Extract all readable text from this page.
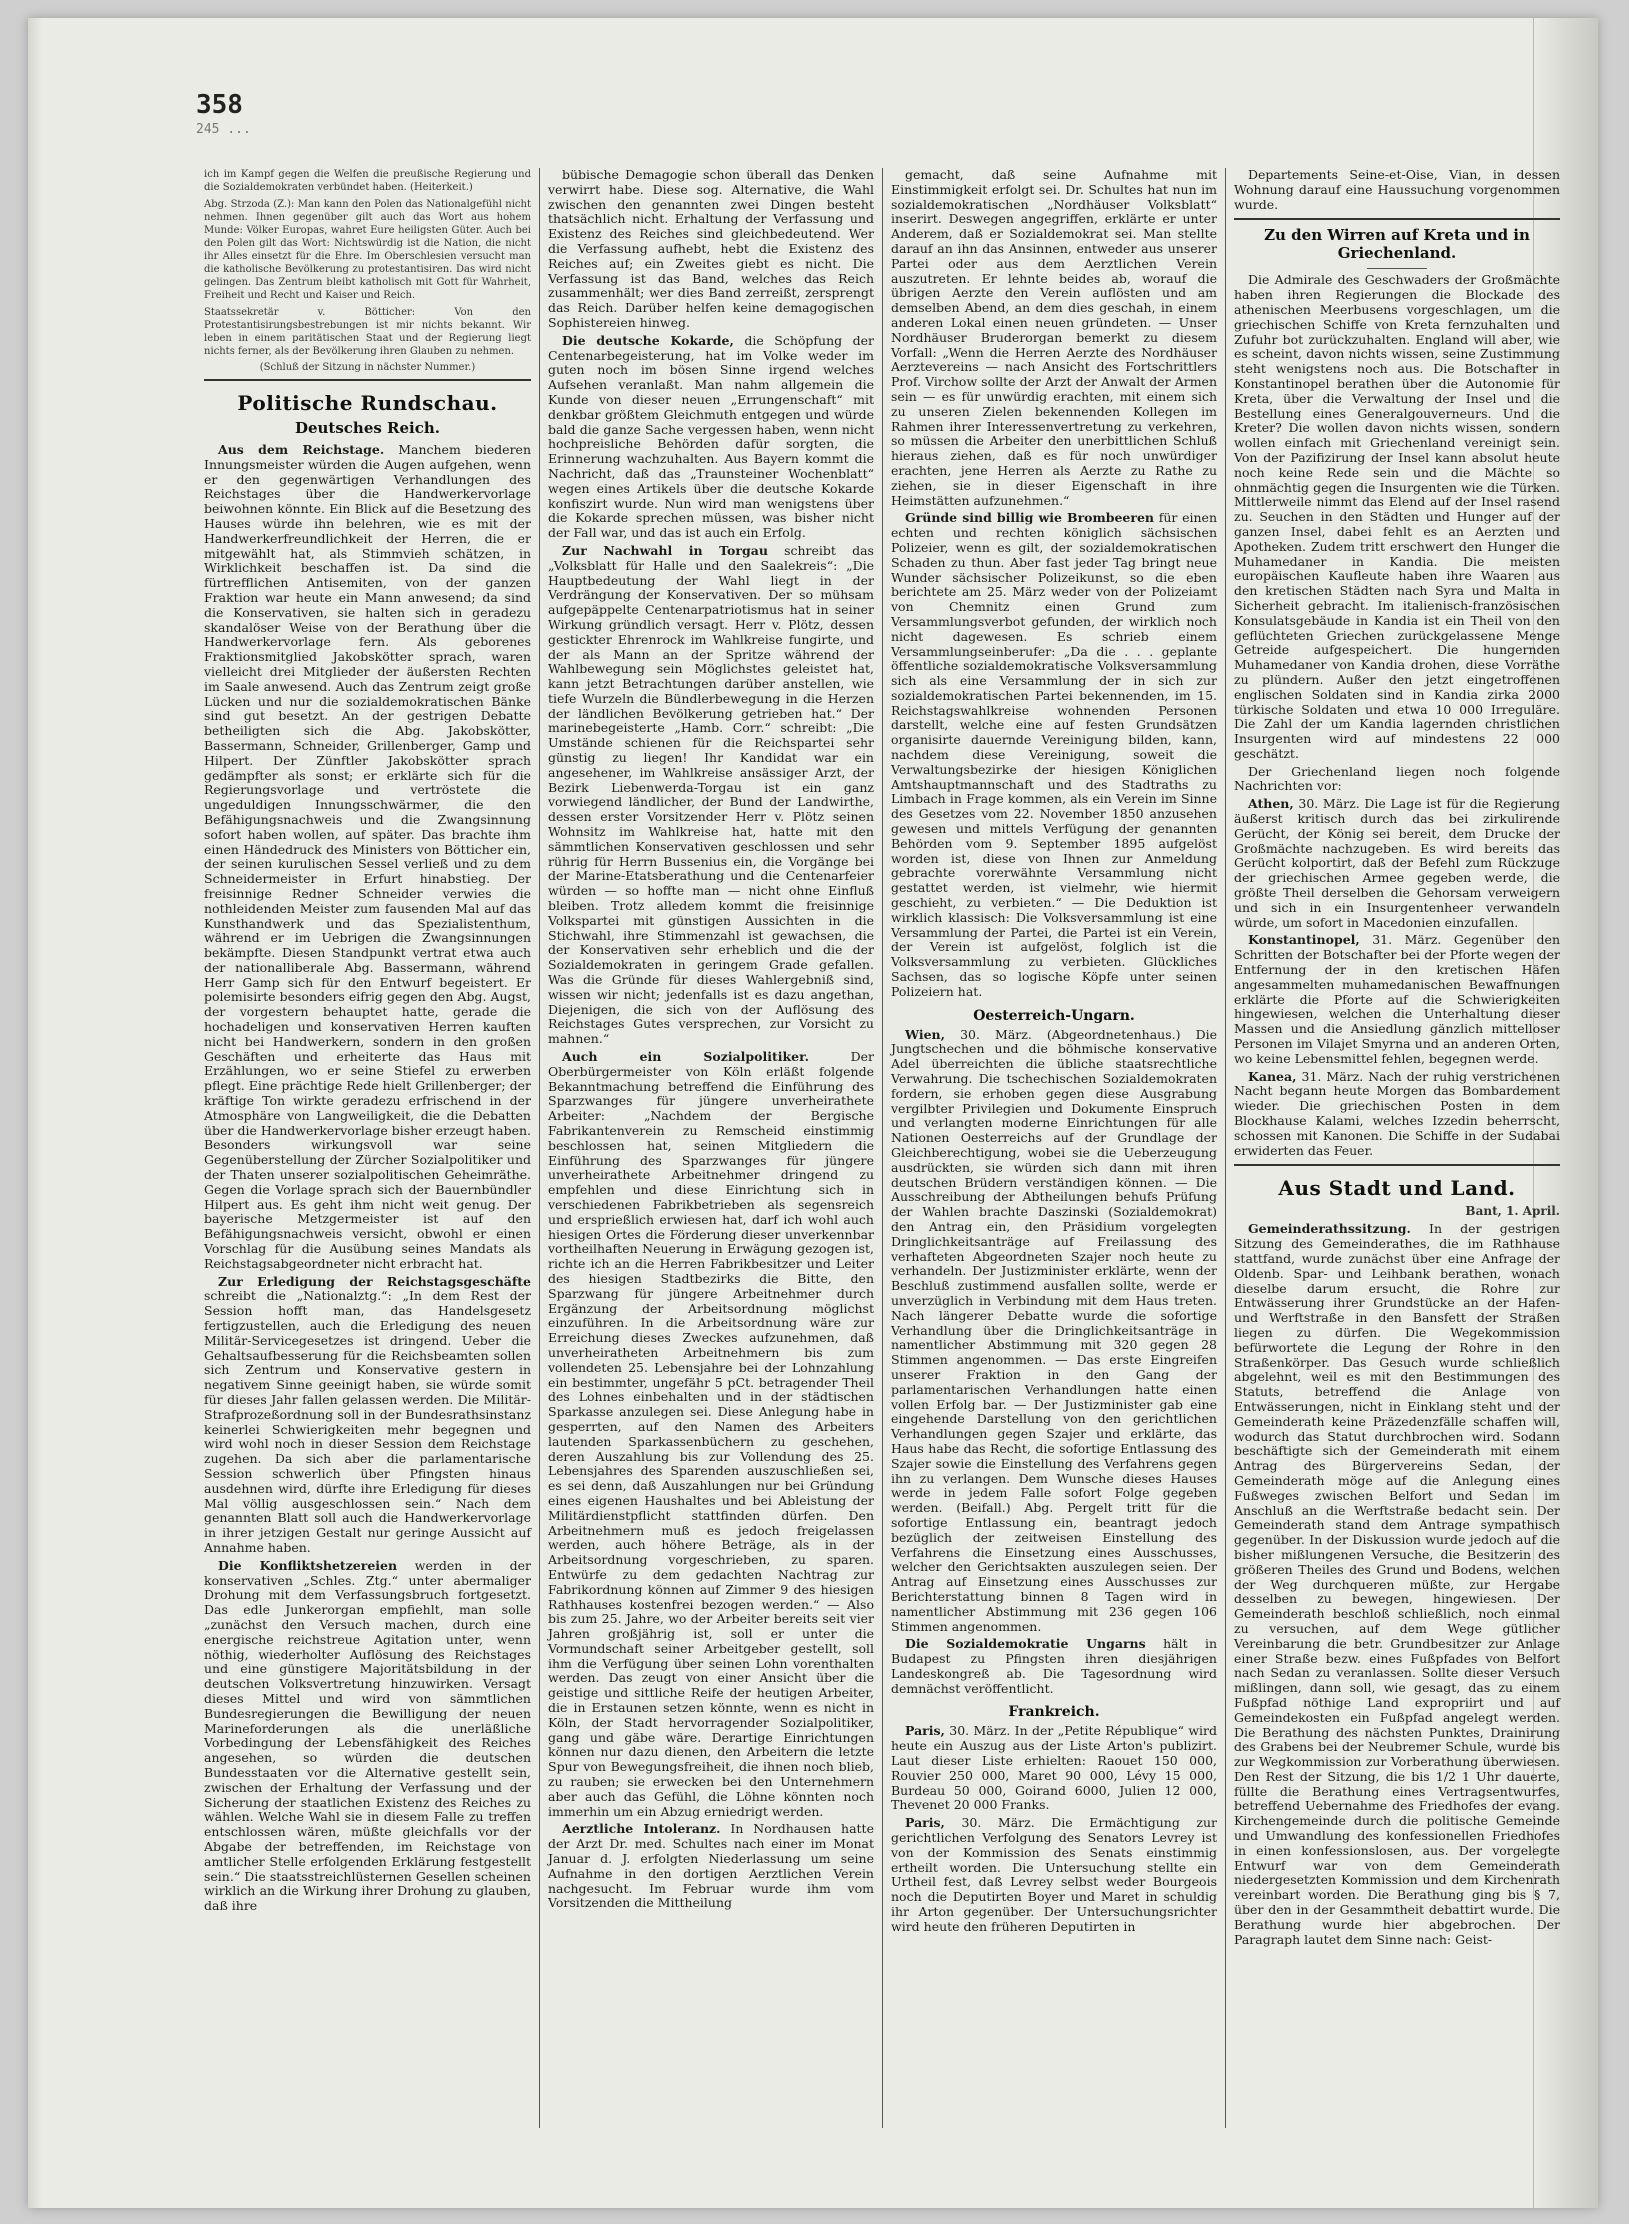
358
245 ...

ich im Kampf gegen die Welfen die preußische Regierung und die Sozialdemokraten verbündet haben. (Heiterkeit.)

Abg. Strzoda (Z.): Man kann den Polen das Nationalgefühl nicht nehmen. Ihnen gegenüber gilt auch das Wort aus hohem Munde: Völker Europas, wahret Eure heiligsten Güter. Auch bei den Polen gilt das Wort: Nichtswürdig ist die Nation, die nicht ihr Alles einsetzt für die Ehre. Im Oberschlesien versucht man die katholische Bevölkerung zu protestantisiren. Das wird nicht gelingen. Das Zentrum bleibt katholisch mit Gott für Wahrheit, Freiheit und Recht und Kaiser und Reich.

Staatssekretär v. Bötticher: Von den Protestantisirungsbestrebungen ist mir nichts bekannt. Wir leben in einem paritätischen Staat und der Regierung liegt nichts ferner, als der Bevölkerung ihren Glauben zu nehmen.

(Schluß der Sitzung in nächster Nummer.)
Politische Rundschau.
Deutsches Reich.

Aus dem Reichstage. Manchem biederen Innungsmeister würden die Augen aufgehen, wenn er den gegenwärtigen Verhandlungen des Reichstages über die Handwerkervorlage beiwohnen könnte. Ein Blick auf die Besetzung des Hauses würde ihn belehren, wie es mit der Handwerkerfreundlichkeit der Herren, die er mitgewählt hat, als Stimmvieh schätzen, in Wirklichkeit beschaffen ist. Da sind die fürtrefflichen Antisemiten, von der ganzen Fraktion war heute ein Mann anwesend; da sind die Konservativen, sie halten sich in geradezu skandalöser Weise von der Berathung über die Handwerkervorlage fern. Als geborenes Fraktionsmitglied Jakobskötter sprach, waren vielleicht drei Mitglieder der äußersten Rechten im Saale anwesend. Auch das Zentrum zeigt große Lücken und nur die sozialdemokratischen Bänke sind gut besetzt. An der gestrigen Debatte betheiligten sich die Abg. Jakobskötter, Bassermann, Schneider, Grillenberger, Gamp und Hilpert. Der Zünftler Jakobskötter sprach gedämpfter als sonst; er erklärte sich für die Regierungsvorlage und vertröstete die ungeduldigen Innungsschwärmer, die den Befähigungsnachweis und die Zwangsinnung sofort haben wollen, auf später. Das brachte ihm einen Händedruck des Ministers von Bötticher ein, der seinen kurulischen Sessel verließ und zu dem Schneidermeister in Erfurt hinabstieg. Der freisinnige Redner Schneider verwies die nothleidenden Meister zum fausenden Mal auf das Kunsthandwerk und das Spezialistenthum, während er im Uebrigen die Zwangsinnungen bekämpfte. Diesen Standpunkt vertrat etwa auch der nationalliberale Abg. Bassermann, während Herr Gamp sich für den Entwurf begeistert. Er polemisirte besonders eifrig gegen den Abg. Augst, der vorgestern behauptet hatte, gerade die hochadeligen und konservativen Herren kauften nicht bei Handwerkern, sondern in den großen Geschäften und erheiterte das Haus mit Erzählungen, wo er seine Stiefel zu erwerben pflegt. Eine prächtige Rede hielt Grillenberger; der kräftige Ton wirkte geradezu erfrischend in der Atmosphäre von Langweiligkeit, die die Debatten über die Handwerkervorlage bisher erzeugt haben. Besonders wirkungsvoll war seine Gegenüberstellung der Zürcher Sozialpolitiker und der Thaten unserer sozialpolitischen Geheimräthe. Gegen die Vorlage sprach sich der Bauernbündler Hilpert aus. Es geht ihm nicht weit genug. Der bayerische Metzgermeister ist auf den Befähigungsnachweis versicht, obwohl er einen Vorschlag für die Ausübung seines Mandats als Reichstagsabgeordneter nicht erbracht hat.

Zur Erledigung der Reichstagsgeschäfte schreibt die „Nationalztg.“: „In dem Rest der Session hofft man, das Handelsgesetz fertigzustellen, auch die Erledigung des neuen Militär-Servicegesetzes ist dringend. Ueber die Gehaltsaufbesserung für die Reichsbeamten sollen sich Zentrum und Konservative gestern in negativem Sinne geeinigt haben, sie würde somit für dieses Jahr fallen gelassen werden. Die Militär-Strafprozeßordnung soll in der Bundesrathsinstanz keinerlei Schwierigkeiten mehr begegnen und wird wohl noch in dieser Session dem Reichstage zugehen. Da sich aber die parlamentarische Session schwerlich über Pfingsten hinaus ausdehnen wird, dürfte ihre Erledigung für dieses Mal völlig ausgeschlossen sein.“ Nach dem genannten Blatt soll auch die Handwerkervorlage in ihrer jetzigen Gestalt nur geringe Aussicht auf Annahme haben.

Die Konfliktshetzereien werden in der konservativen „Schles. Ztg.“ unter abermaliger Drohung mit dem Verfassungsbruch fortgesetzt. Das edle Junkerorgan empfiehlt, man solle „zunächst den Versuch machen, durch eine energische reichstreue Agitation unter, wenn nöthig, wiederholter Auflösung des Reichstages und eine günstigere Majoritätsbildung in der deutschen Volksvertretung hinzuwirken. Versagt dieses Mittel und wird von sämmtlichen Bundesregierungen die Bewilligung der neuen Marineforderungen als die unerläßliche Vorbedingung der Lebensfähigkeit des Reiches angesehen, so würden die deutschen Bundesstaaten vor die Alternative gestellt sein, zwischen der Erhaltung der Verfassung und der Sicherung der staatlichen Existenz des Reiches zu wählen. Welche Wahl sie in diesem Falle zu treffen entschlossen wären, müßte gleichfalls vor der Abgabe der betreffenden, im Reichstage von amtlicher Stelle erfolgenden Erklärung festgestellt sein.“ Die staatsstreichlüsternen Gesellen scheinen wirklich an die Wirkung ihrer Drohung zu glauben, daß ihre

bübische Demagogie schon überall das Denken verwirrt habe. Diese sog. Alternative, die Wahl zwischen den genannten zwei Dingen besteht thatsächlich nicht. Erhaltung der Verfassung und Existenz des Reiches sind gleichbedeutend. Wer die Verfassung aufhebt, hebt die Existenz des Reiches auf; ein Zweites giebt es nicht. Die Verfassung ist das Band, welches das Reich zusammenhält; wer dies Band zerreißt, zersprengt das Reich. Darüber helfen keine demagogischen Sophistereien hinweg.

Die deutsche Kokarde, die Schöpfung der Centenarbegeisterung, hat im Volke weder im guten noch im bösen Sinne irgend welches Aufsehen veranlaßt. Man nahm allgemein die Kunde von dieser neuen „Errungenschaft“ mit denkbar größtem Gleichmuth entgegen und würde bald die ganze Sache vergessen haben, wenn nicht hochpreisliche Behörden dafür sorgten, die Erinnerung wachzuhalten. Aus Bayern kommt die Nachricht, daß das „Traunsteiner Wochenblatt“ wegen eines Artikels über die deutsche Kokarde konfiszirt wurde. Nun wird man wenigstens über die Kokarde sprechen müssen, was bisher nicht der Fall war, und das ist auch ein Erfolg.

Zur Nachwahl in Torgau schreibt das „Volksblatt für Halle und den Saalekreis“: „Die Hauptbedeutung der Wahl liegt in der Verdrängung der Konservativen. Der so mühsam aufgepäppelte Centenarpatriotismus hat in seiner Wirkung gründlich versagt. Herr v. Plötz, dessen gestickter Ehrenrock im Wahlkreise fungirte, und der als Mann an der Spritze während der Wahlbewegung sein Möglichstes geleistet hat, kann jetzt Betrachtungen darüber anstellen, wie tiefe Wurzeln die Bündlerbewegung in die Herzen der ländlichen Bevölkerung getrieben hat.“ Der marinebegeisterte „Hamb. Corr.“ schreibt: „Die Umstände schienen für die Reichspartei sehr günstig zu liegen! Ihr Kandidat war ein angesehener, im Wahlkreise ansässiger Arzt, der Bezirk Liebenwerda-Torgau ist ein ganz vorwiegend ländlicher, der Bund der Landwirthe, dessen erster Vorsitzender Herr v. Plötz seinen Wohnsitz im Wahlkreise hat, hatte mit den sämmtlichen Konservativen geschlossen und sehr rührig für Herrn Bussenius ein, die Vorgänge bei der Marine-Etatsberathung und die Centenarfeier würden — so hoffte man — nicht ohne Einfluß bleiben. Trotz alledem kommt die freisinnige Volkspartei mit günstigen Aussichten in die Stichwahl, ihre Stimmenzahl ist gewachsen, die der Konservativen sehr erheblich und die der Sozialdemokraten in geringem Grade gefallen. Was die Gründe für dieses Wahlergebniß sind, wissen wir nicht; jedenfalls ist es dazu angethan, Diejenigen, die sich von der Auflösung des Reichstages Gutes versprechen, zur Vorsicht zu mahnen.“

Auch ein Sozialpolitiker.	Der Oberbürgermeister von Köln erläßt folgende Bekanntmachung betreffend die Einführung des Sparzwanges für jüngere unverheirathete Arbeiter: „Nachdem der Bergische Fabrikantenverein zu Remscheid einstimmig beschlossen hat, seinen Mitgliedern die Einführung des Sparzwanges für jüngere unverheirathete Arbeitnehmer dringend zu empfehlen und diese Einrichtung sich in verschiedenen Fabrikbetrieben als segensreich und ersprießlich erwiesen hat, darf ich wohl auch hiesigen Ortes die Förderung dieser unverkennbar vortheilhaften Neuerung in Erwägung gezogen ist, richte ich an die Herren Fabrikbesitzer und Leiter des hiesigen Stadtbezirks die Bitte, den Sparzwang für jüngere Arbeitnehmer durch Ergänzung der Arbeitsordnung möglichst einzuführen. In die Arbeitsordnung wäre zur Erreichung dieses Zweckes aufzunehmen, daß unverheiratheten Arbeitnehmern bis zum vollendeten 25. Lebensjahre bei der Lohnzahlung ein bestimmter, ungefähr 5 pCt. betragender Theil des Lohnes einbehalten und in der städtischen Sparkasse anzulegen sei. Diese Anlegung habe in gesperrten, auf den Namen des Arbeiters lautenden Sparkassenbüchern zu geschehen, deren Auszahlung bis zur Vollendung des 25. Lebensjahres des Sparenden auszuschließen sei, es sei denn, daß Auszahlungen nur bei Gründung eines eigenen Haushaltes und bei Ableistung der Militärdienstpflicht stattfinden dürfen. Den Arbeitnehmern muß es jedoch freigelassen werden, auch höhere Beträge, als in der Arbeitsordnung vorgeschrieben, zu sparen. Entwürfe zu dem gedachten Nachtrag zur Fabrikordnung können auf Zimmer 9 des hiesigen Rathhauses kostenfrei bezogen werden.“ — Also bis zum 25. Jahre, wo der Arbeiter bereits seit vier Jahren großjährig ist, soll er unter die Vormundschaft seiner Arbeitgeber gestellt, soll ihm die Verfügung über seinen Lohn vorenthalten werden. Das zeugt von einer Ansicht über die geistige und sittliche Reife der heutigen Arbeiter, die in Erstaunen setzen könnte, wenn es nicht in Köln, der Stadt hervorragender Sozialpolitiker, gang und gäbe wäre. Derartige Einrichtungen können nur dazu dienen, den Arbeitern die letzte Spur von Bewegungsfreiheit, die ihnen noch blieb, zu rauben; sie erwecken bei den Unternehmern aber auch das Gefühl, die Löhne könnten noch immerhin um ein Abzug erniedrigt werden.

Aerztliche Intoleranz. In Nordhausen hatte der Arzt Dr. med. Schultes nach einer im Monat Januar d. J. erfolgten Niederlassung um seine Aufnahme in den dortigen Aerztlichen Verein nachgesucht. Im Februar wurde ihm vom Vorsitzenden die Mittheilung

gemacht, daß seine Aufnahme mit Einstimmigkeit erfolgt sei. Dr. Schultes hat nun im sozialdemokratischen „Nordhäuser Volksblatt“ inserirt. Deswegen angegriffen, erklärte er unter Anderem, daß er Sozialdemokrat sei. Man stellte darauf an ihn das Ansinnen, entweder aus unserer Partei oder aus dem Aerztlichen Verein auszutreten. Er lehnte beides ab, worauf die übrigen Aerzte den Verein auflösten und am demselben Abend, an dem dies geschah, in einem anderen Lokal einen neuen gründeten. — Unser Nordhäuser Bruderorgan bemerkt zu diesem Vorfall: „Wenn die Herren Aerzte des Nordhäuser Aerztevereins — nach Ansicht des Fortschrittlers Prof. Virchow sollte der Arzt der Anwalt der Armen sein — es für unwürdig erachten, mit einem sich zu unseren Zielen bekennenden Kollegen im Rahmen ihrer Interessenvertretung zu verkehren, so müssen die Arbeiter den unerbittlichen Schluß hieraus ziehen, daß es für noch unwürdiger erachten, jene Herren als Aerzte zu Rathe zu ziehen, sie in dieser Eigenschaft in ihre Heimstätten aufzunehmen.“

Gründe sind billig wie Brombeeren für einen echten und rechten königlich sächsischen Polizeier, wenn es gilt, der sozialdemokratischen Schaden zu thun. Aber fast jeder Tag bringt neue Wunder sächsischer Polizeikunst, so die eben berichtete am 25. März weder von der Polizeiamt von Chemnitz einen Grund zum Versammlungsverbot gefunden, der wirklich noch nicht dagewesen. Es schrieb einem Versammlungseinberufer: „Da die . . . geplante öffentliche sozialdemokratische Volksversammlung sich als eine Versammlung der in sich zur sozialdemokratischen Partei bekennenden, im 15. Reichstagswahlkreise wohnenden Personen darstellt, welche eine auf festen Grundsätzen organisirte dauernde Vereinigung bilden, kann, nachdem diese Vereinigung, soweit die Verwaltungsbezirke der hiesigen Königlichen Amtshauptmannschaft und des Stadtraths zu Limbach in Frage kommen, als ein Verein im Sinne des Gesetzes vom 22. November 1850 anzusehen gewesen und mittels Verfügung der genannten Behörden vom 9. September 1895 aufgelöst worden ist, diese von Ihnen zur Anmeldung gebrachte vorerwähnte Versammlung nicht gestattet werden, ist vielmehr, wie hiermit geschieht, zu verbieten.“ — Die Deduktion ist wirklich klassisch: Die Volksversammlung ist eine Versammlung der Partei, die Partei ist ein Verein, der Verein ist aufgelöst, folglich ist die Volksversammlung zu verbieten. Glückliches Sachsen, das so logische Köpfe unter seinen Polizeiern hat.

Oesterreich-Ungarn.

Wien, 30. März. (Abgeordnetenhaus.) Die Jungtschechen und die böhmische konservative Adel überreichten die übliche staatsrechtliche Verwahrung. Die tschechischen Sozialdemokraten fordern, sie erhoben gegen diese Ausgrabung vergilbter Privilegien und Dokumente Einspruch und verlangten moderne Einrichtungen für alle Nationen Oesterreichs auf der Grundlage der Gleichberechtigung, wobei sie die Ueberzeugung ausdrückten, sie würden sich dann mit ihren deutschen Brüdern verständigen können. — Die Ausschreibung der Abtheilungen behufs Prüfung der Wahlen brachte Daszinski (Sozialdemokrat) den Antrag ein, den Präsidium vorgelegten Dringlichkeitsanträge auf Freilassung des verhafteten Abgeordneten Szajer noch heute zu verhandeln. Der Justizminister erklärte, wenn der Beschluß zustimmend ausfallen sollte, werde er unverzüglich in Verbindung mit dem Haus treten. Nach längerer Debatte wurde die sofortige Verhandlung über die Dringlichkeitsanträge in namentlicher Abstimmung mit 320 gegen 28 Stimmen angenommen. — Das erste Eingreifen unserer Fraktion in den Gang der parlamentarischen Verhandlungen hatte einen vollen Erfolg bar. — Der Justizminister gab eine eingehende Darstellung von den gerichtlichen Verhandlungen gegen Szajer und erklärte, das Haus habe das Recht, die sofortige Entlassung des Szajer sowie die Einstellung des Verfahrens gegen ihn zu verlangen. Dem Wunsche dieses Hauses werde in jedem Falle sofort Folge gegeben werden. (Beifall.) Abg. Pergelt tritt für die sofortige Entlassung ein, beantragt jedoch bezüglich der zeitweisen Einstellung des Verfahrens die Einsetzung eines Ausschusses, welcher den Gerichtsakten auszulegen seien. Der Antrag auf Einsetzung eines Ausschusses zur Berichterstattung binnen 8 Tagen wird in namentlicher Abstimmung mit 236 gegen 106 Stimmen angenommen.

Die Sozialdemokratie Ungarns hält in Budapest zu Pfingsten ihren diesjährigen Landeskongreß ab. Die Tagesordnung wird demnächst veröffentlicht.

Frankreich.

Paris, 30. März. In der „Petite République“ wird heute ein Auszug aus der Liste Arton's publizirt. Laut dieser Liste erhielten: Raouet 150 000, Rouvier 250 000, Maret 90 000, Lévy 15 000, Burdeau 50 000, Goirand 6000, Julien 12 000, Thevenet 20 000 Franks.

Paris, 30. März. Die Ermächtigung zur gerichtlichen Verfolgung des Senators Levrey ist von der Kommission des Senats einstimmig ertheilt worden. Die Untersuchung stellte ein Urtheil fest, daß Levrey selbst weder Bourgeois noch die Deputirten Boyer und Maret in schuldig ihr Arton gegenüber. Der Untersuchungsrichter wird heute den früheren Deputirten in

Departements Seine-et-Oise, Vian, in dessen Wohnung darauf eine Haussuchung vorgenommen wurde.

Zu den Wirren auf Kreta und in Griechenland.

Die Admirale des Geschwaders der Großmächte haben ihren Regierungen die Blockade des athenischen Meerbusens vorgeschlagen, um die griechischen Schiffe von Kreta fernzuhalten und Zufuhr bot zurückzuhalten. England will aber, wie es scheint, davon nichts wissen, seine Zustimmung steht wenigstens noch aus. Die Botschafter in Konstantinopel berathen über die Autonomie für Kreta, über die Verwaltung der Insel und die Bestellung eines Generalgouverneurs. Und die Kreter? Die wollen davon nichts wissen, sondern wollen einfach mit Griechenland vereinigt sein. Von der Pazifizirung der Insel kann absolut heute noch keine Rede sein und die Mächte so ohnmächtig gegen die Insurgenten wie die Türken. Mittlerweile nimmt das Elend auf der Insel rasend zu. Seuchen in den Städten und Hunger auf der ganzen Insel, dabei fehlt es an Aerzten und Apotheken. Zudem tritt erschwert den Hunger die Muhamedaner in Kandia. Die meisten europäischen Kaufleute haben ihre Waaren aus den kretischen Städten nach Syra und Malta in Sicherheit gebracht. Im italienisch-französischen Konsulatsgebäude in Kandia ist ein Theil von den geflüchteten Griechen zurückgelassene Menge Getreide aufgespeichert. Die hungernden Muhamedaner von Kandia drohen, diese Vorräthe zu plündern. Außer den jetzt eingetroffenen englischen Soldaten sind in Kandia zirka 2000 türkische Soldaten und etwa 10 000 Irreguläre. Die Zahl der um Kandia lagernden christlichen Insurgenten wird auf mindestens 22 000 geschätzt.

Der Griechenland liegen noch folgende Nachrichten vor:

Athen, 30. März. Die Lage ist für die Regierung äußerst kritisch durch das bei zirkulirende Gerücht, der König sei bereit, dem Drucke der Großmächte nachzugeben. Es wird bereits das Gerücht kolportirt, daß der Befehl zum Rückzuge der griechischen Armee gegeben werde, die größte Theil derselben die Gehorsam verweigern und sich in ein Insurgentenheer verwandeln würde, um sofort in Macedonien einzufallen.

Konstantinopel, 31. März. Gegenüber den Schritten der Botschafter bei der Pforte wegen der Entfernung der in den kretischen Häfen angesammelten muhamedanischen Bewaffnungen erklärte die Pforte auf die Schwierigkeiten hingewiesen, welchen die Unterhaltung dieser Massen und die Ansiedlung gänzlich mittelloser Personen im Vilajet Smyrna und an anderen Orten, wo keine Lebensmittel fehlen, begegnen werde.

Kanea, 31. März. Nach der ruhig verstrichenen Nacht begann heute Morgen das Bombardement wieder. Die griechischen Posten in dem Blockhause Kalami, welches Izzedin beherrscht, schossen mit Kanonen. Die Schiffe in der Sudabai erwiderten das Feuer.

Aus Stadt und Land.
Bant, 1. April.

Gemeinderathssitzung. In der gestrigen Sitzung des Gemeinderathes, die im Rathhause stattfand, wurde zunächst über eine Anfrage der Oldenb. Spar- und Leihbank berathen, wonach dieselbe darum ersucht, die Rohre zur Entwässerung ihrer Grundstücke an der Hafen- und Werftstraße in den Bansfett der Straßen liegen zu dürfen. Die Wegekommission befürwortete die Legung der Rohre in den Straßenkörper. Das Gesuch wurde schließlich abgelehnt, weil es mit den Bestimmungen des Statuts, betreffend die Anlage von Entwässerungen, nicht in Einklang steht und der Gemeinderath keine Präzedenzfälle schaffen will, wodurch das Statut durchbrochen wird. Sodann beschäftigte sich der Gemeinderath mit einem Antrag des Bürgervereins Sedan, der Gemeinderath möge auf die Anlegung eines Fußweges zwischen Belfort und Sedan im Anschluß an die Werftstraße bedacht sein. Der Gemeinderath stand dem Antrage sympathisch gegenüber. In der Diskussion wurde jedoch auf die bisher mißlungenen Versuche, die Besitzerin des größeren Theiles des Grund und Bodens, welchen der Weg durchqueren müßte, zur Hergabe desselben zu bewegen, hingewiesen. Der Gemeinderath beschloß schließlich, noch einmal zu versuchen, auf dem Wege gütlicher Vereinbarung die betr. Grundbesitzer zur Anlage einer Straße bezw. eines Fußpfades von Belfort nach Sedan zu veranlassen. Sollte dieser Versuch mißlingen, dann soll, wie gesagt, das zu einem Fußpfad nöthige Land expropriirt und auf Gemeindekosten ein Fußpfad angelegt werden. Die Berathung des nächsten Punktes, Drainirung des Grabens bei der Neubremer Schule, wurde bis zur Wegkommission zur Vorberathung überwiesen. Den Rest der Sitzung, die bis 1/2 1 Uhr dauerte, füllte die Berathung eines Vertragsentwurfes, betreffend Uebernahme des Friedhofes der evang. Kirchengemeinde durch die politische Gemeinde und Umwandlung des konfessionellen Friedhofes in einen konfessionslosen, aus. Der vorgelegte Entwurf war von dem Gemeinderath niedergesetzten Kommission und dem Kirchenrath vereinbart worden. Die Berathung ging bis § 7, über den in der Gesammtheit debattirt wurde. Die Berathung wurde hier abgebrochen. Der Paragraph lautet dem Sinne nach: Geist-
